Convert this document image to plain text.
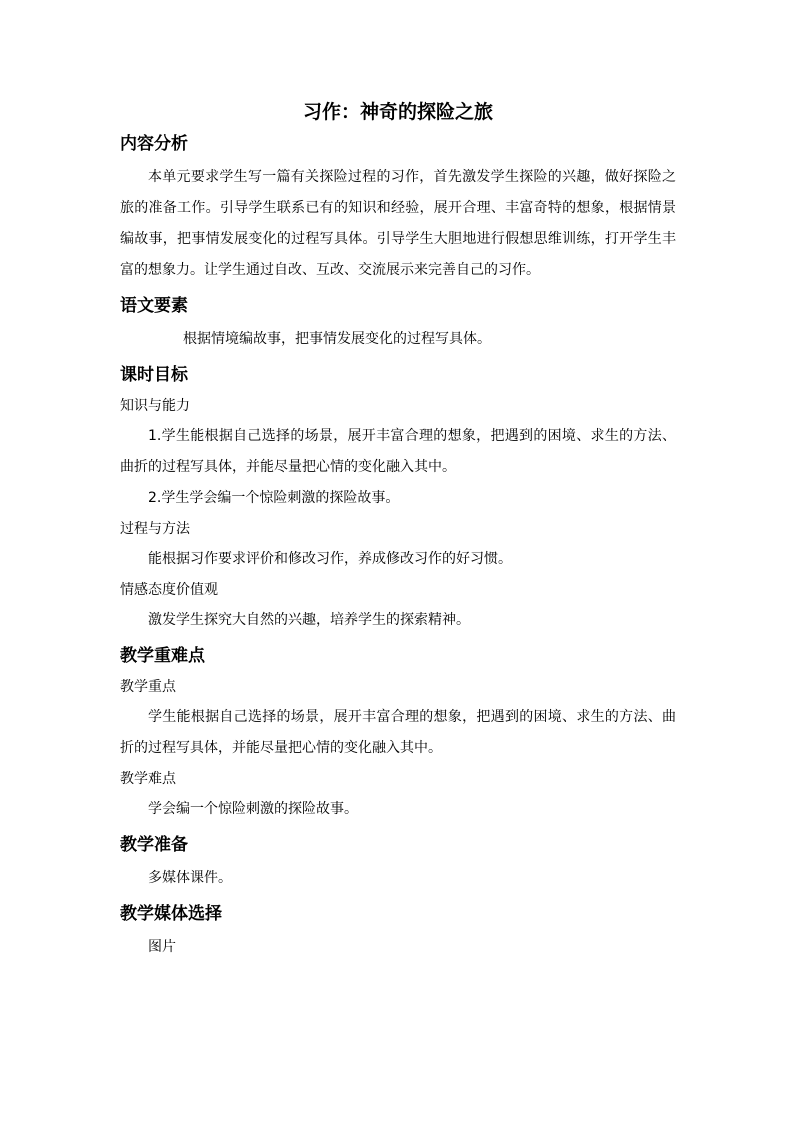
习作：神奇的探险之旅
内容分析

本单元要求学生写一篇有关探险过程的习作，首先激发学生探险的兴趣，做好探险之旅的准备工作。引导学生联系已有的知识和经验，展开合理、丰富奇特的想象，根据情景编故事，把事情发展变化的过程写具体。引导学生大胆地进行假想思维训练，打开学生丰富的想象力。让学生通过自改、互改、交流展示来完善自己的习作。

语文要素

根据情境编故事，把事情发展变化的过程写具体。

课时目标
知识与能力

1.学生能根据自己选择的场景，展开丰富合理的想象，把遇到的困境、求生的方法、曲折的过程写具体，并能尽量把心情的变化融入其中。

2.学生学会编一个惊险刺激的探险故事。

过程与方法

能根据习作要求评价和修改习作，养成修改习作的好习惯。

情感态度价值观

激发学生探究大自然的兴趣，培养学生的探索精神。

教学重难点
教学重点

学生能根据自己选择的场景，展开丰富合理的想象，把遇到的困境、求生的方法、曲折的过程写具体，并能尽量把心情的变化融入其中。

教学难点

学会编一个惊险刺激的探险故事。

教学准备

多媒体课件。

教学媒体选择

图片
